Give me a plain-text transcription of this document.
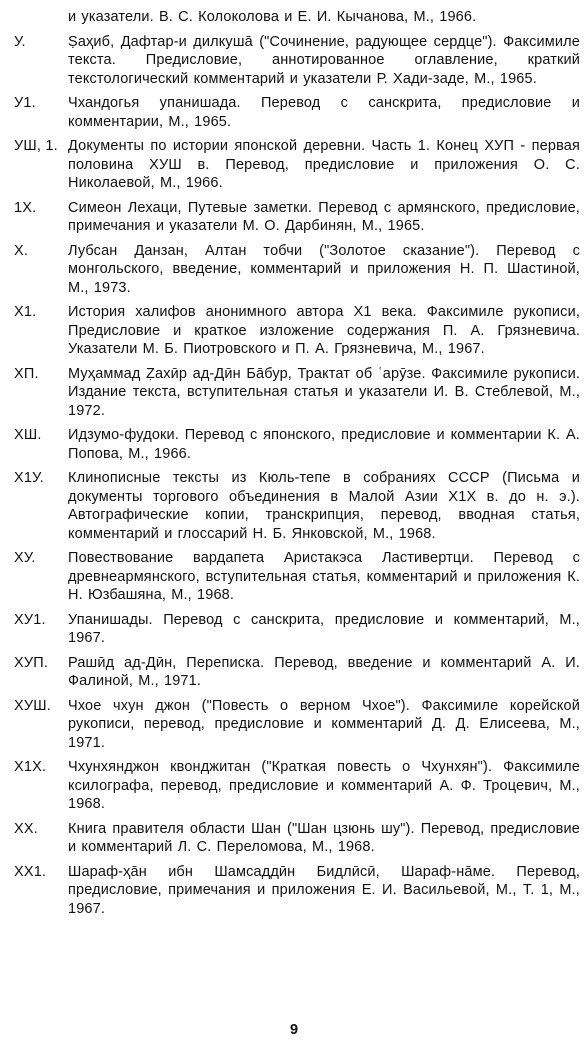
и указатели. В. С. Колоколова и Е. И. Кычанова, М., 1966.
У.	Ṣаҳиб, Дафтар-и дилкушā ("Сочинение, радующее сердце"). Факсимиле текста. Предисловие, аннотированное оглавление, краткий текстологический комментарий и указатели Р. Хади-заде, М., 1965.
У1.	Чхандогья упанишада. Перевод с санскрита, предисловие и комментарии, М., 1965.
УШ, 1. Документы по истории японской деревни. Часть 1. Конец ХУП - первая половина ХУШ в. Перевод, предисловие и приложения О. С. Николаевой, М., 1966.
1Х.	Симеон Лехаци, Путевые заметки. Перевод с армянского, предисловие, примечания и указатели М. О. Дарбинян, М., 1965.
Х.	Лубсан Данзан, Алтан тобчи ("Золотое сказание"). Перевод с монгольского, введение, комментарий и приложения Н. П. Шастиной, М., 1973.
Х1.	История халифов анонимного автора Х1 века. Факсимиле рукописи, Предисловие и краткое изложение содержания П. А. Грязневича. Указатели М. Б. Пиотровского и П. А. Грязневича, М., 1967.
ХП.	Муҳаммад Ẓахӣр ад-Дӣн Бāбур, Трактат об ʿарӯзе. Факсимиле рукописи. Издание текста, вступительная статья и указатели И. В. Стеблевой, М., 1972.
ХШ.	Идзумо-фудоки. Перевод с японского, предисловие и комментарии К. А. Попова, М., 1966.
Х1У.	Клинописные тексты из Кюль-тепе в собраниях СССР (Письма и документы торгового объединения в Малой Азии Х1Х в. до н. э.). Автографические копии, транскрипция, перевод, вводная статья, комментарий и глоссарий Н. Б. Янковской, М., 1968.
ХУ.	Повествование вардапета Аристакэса Ластивертци. Перевод с древнеармянского, вступительная статья, комментарий и приложения К. Н. Юзбашяна, М., 1968.
ХУ1.	Упанишады. Перевод с санскрита, предисловие и комментарий, М., 1967.
ХУП.	Рашӣд ад-Дӣн, Переписка. Перевод, введение и комментарий А. И. Фалиной, М., 1971.
ХУШ.	Чхое чхун джон ("Повесть о верном Чхое"). Факсимиле корейской рукописи, перевод, предисловие и комментарий Д. Д. Елисеева, М., 1971.
Х1Х.	Чхунхянджон квонджитан ("Краткая повесть о Чхунхян"). Факсимиле ксилографа, перевод, предисловие и комментарий А. Ф. Троцевич, М., 1968.
ХХ.	Книга правителя области Шан ("Шан цзюнь шу"). Перевод, предисловие и комментарий Л. С. Переломова, М., 1968.
ХХ1.	Шараф-ҳāн ибн Шамсаддӣн Бидлӣсӣ, Шараф-нāме. Перевод, предисловие, примечания и приложения Е. И. Васильевой, М., Т. 1, М., 1967.
9
